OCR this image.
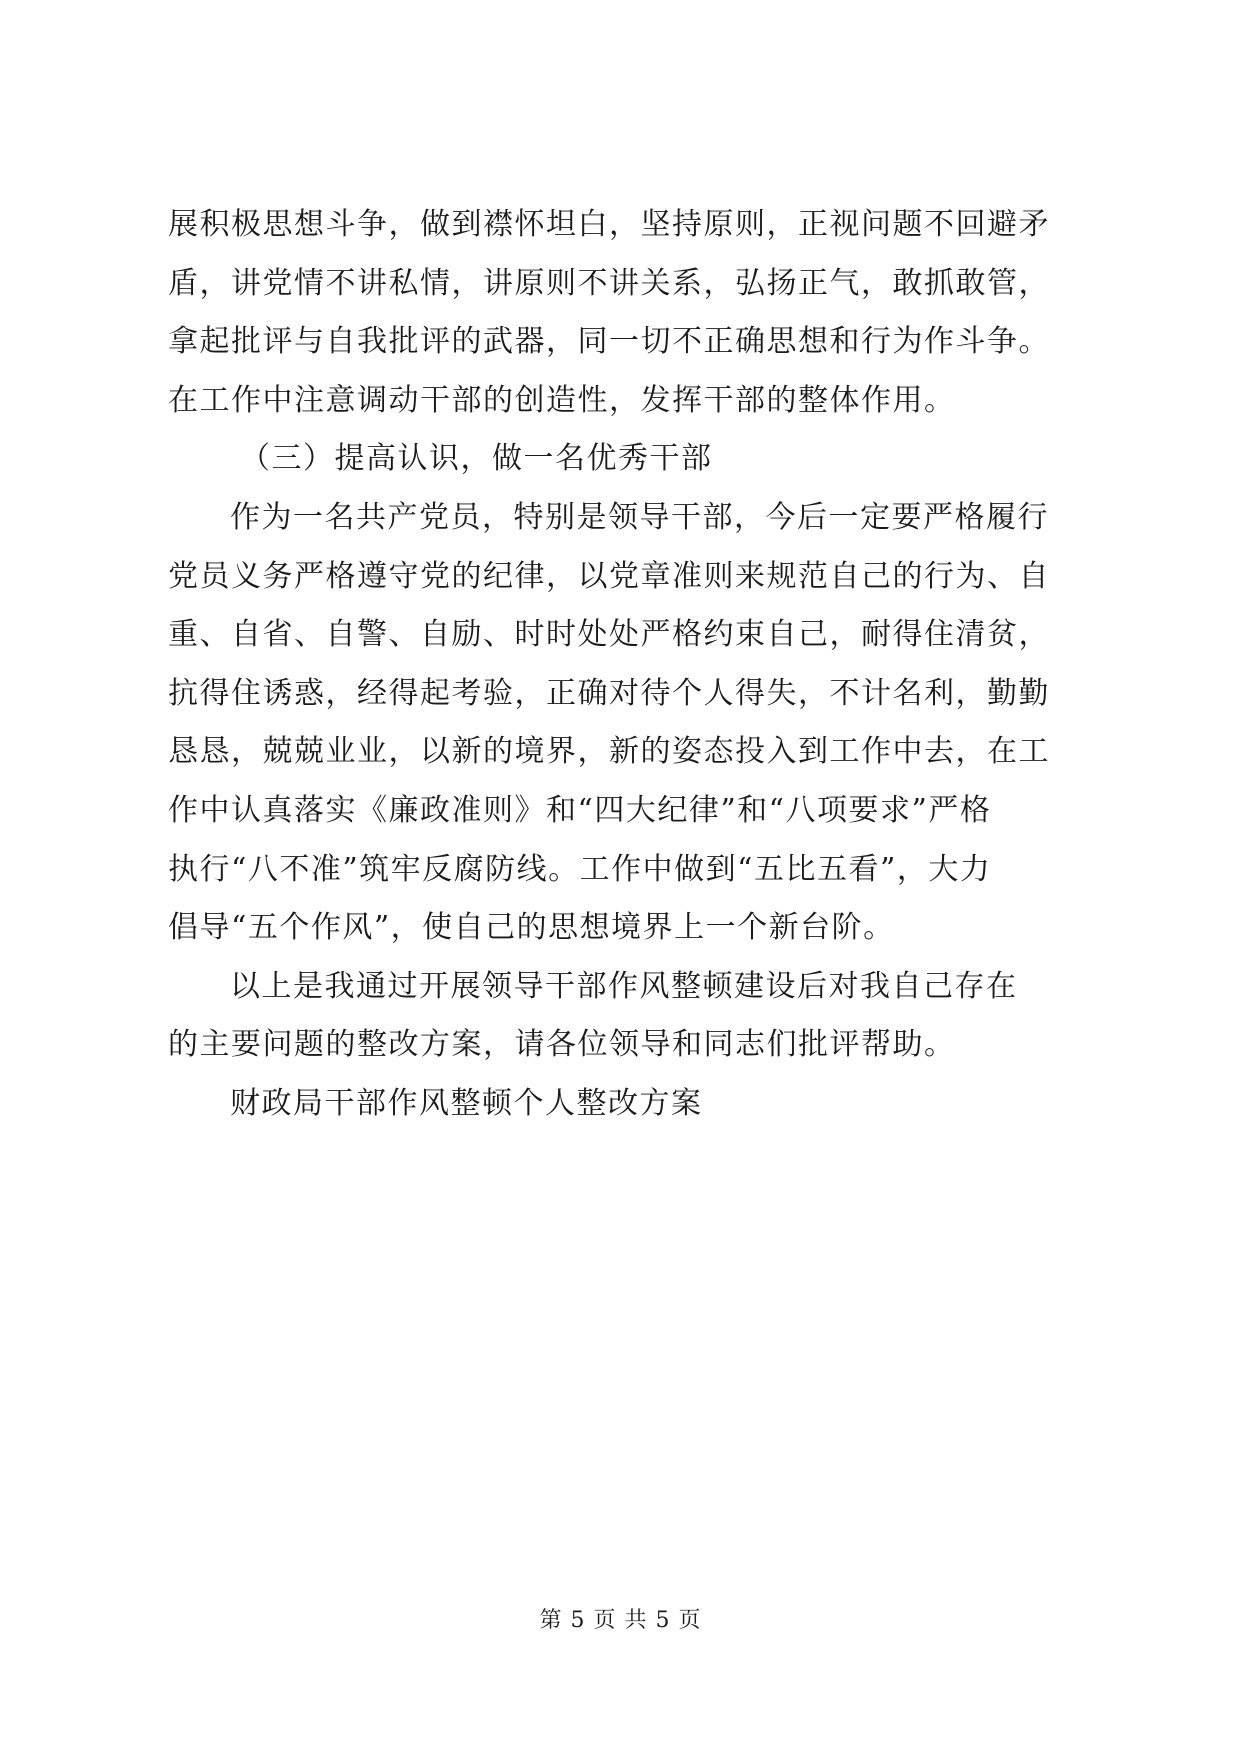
展积极思想斗争，做到襟怀坦白，坚持原则，正视问题不回避矛
盾，讲党情不讲私情，讲原则不讲关系，弘扬正气，敢抓敢管，
拿起批评与自我批评的武器，同一切不正确思想和行为作斗争。
在工作中注意调动干部的创造性，发挥干部的整体作用。
（三）提高认识，做一名优秀干部
作为一名共产党员，特别是领导干部，今后一定要严格履行
党员义务严格遵守党的纪律，以党章准则来规范自己的行为、自
重、自省、自警、自励、时时处处严格约束自己，耐得住清贫，
抗得住诱惑，经得起考验，正确对待个人得失，不计名利，勤勤
恳恳，兢兢业业，以新的境界，新的姿态投入到工作中去，在工
作中认真落实《廉政准则》和“四大纪律”和“八项要求”严格
执行“八不准”筑牢反腐防线。工作中做到“五比五看”，大力
倡导“五个作风”，使自己的思想境界上一个新台阶。
以上是我通过开展领导干部作风整顿建设后对我自己存在
的主要问题的整改方案，请各位领导和同志们批评帮助。
财政局干部作风整顿个人整改方案
第 5 页 共 5 页
